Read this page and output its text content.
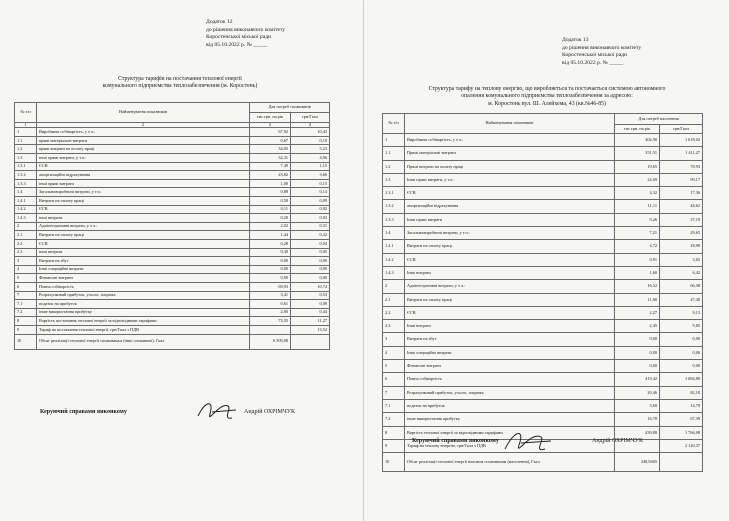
Додаток 12
до рішення виконавчого комітету
Коростенської міської ради
від 05.10.2022 р. № _____
Структура тарифів на постачання теплової енергії
комунального підприємства теплозабезпечення (м. Коростень)
№ з/п	Найменування показників	Для потреб споживачів	
		тис.грн. на рік	грн/Гкал
1	2	3	4
1	Виробнича собівартість, у т.ч.:	67,92	10,43
1.1	прямі матеріальні витрати	0,67	0,10
1.2	прямі витрати на оплату праці	34,05	5,23
1.3	інші прямі витрати, у т.ч.:	32,31	4,96
1.3.1	ЄСВ	7,49	1,15
1.3.2	амортизаційні відрахування	23,82	3,66
1.3.3	інші прямі витрати	1,00	0,15
1.4	Загальновиробничі витрати, у т.ч.:	0,88	0,14
1.4.1	Витрати на оплату праці	0,58	0,09
1.4.2	ЄСВ	0,11	0,02
1.4.3	інші витрати	0,20	0,03
2	Адміністративні витрати, у т.ч.:	2,02	0,31
2.1	Витрати на оплату праці	1,44	0,22
2.2	ЄСВ	0,28	0,04
2.3	інші витрати	0,30	0,05
3	Витрати на збут	0,00	0,00
4	Інші операційні витрати	0,00	0,00
5	Фінансові витрати	0,00	0,00
6	Повна собівартість	69,93	10,74
7	Розрахунковий прибуток, усього, зокрема:	3,41	0,53
7.1	податок на прибуток	0,61	0,09
7.2	інше використання прибутку	2,80	0,44
8	Вартість постачання теплової енергії за відповідними тарифами	73,35	11,27
9	Тариф на постачання теплової енергії, грн/Гкал з ПДВ		13,52
10	Обсяг реалізації теплової енергії споживачам (інші споживачі), Гкал	6 509,08	
Керуючий справами виконкому	Андрій ОХРІМЧУК
Додаток 13
до рішення виконавчого комітету
Коростенської міської ради
від 05.10.2022 р. № _____
Структура тарифу на теплову енергію, що виробляється та постачається системою автономного
опалення комунального підприємства теплозабезпечення за адресою:
м. Коростень вул. Ш. Алейхема, 43 (кв.№46-85)
№ з/п	Найменування показників	Для потреб населення	
		тис.грн. на рік	грн/Гкал
1	Виробнича собівартість, у т.ч.:	402,90	1 618,02
1.1	Прямі матеріальні витрати	351,31	1 411,27
1.2	Прямі витрати на оплату праці	19,65	78,93
1.3	Інші прямі витрати, у т.ч.:	24,69	99,17
1.3.1	ЄСВ	4,32	17,36
1.3.2	амортизаційні відрахування	11,11	44,62
1.3.3	Інші прямі витрати	9,26	37,19
1.4	Загальновиробничі витрати, у т.ч.:	7,21	29,65
1.4.1	Витрати на оплату праці	4,72	18,98
1.4.2	ЄСВ	0,91	3,65
1.4.3	Інші витрати	1,60	6,42
2	Адміністративні витрати, у т.ч.:	16,52	66,38
2.1	Витрати на оплату праці	11,80	47,40
2.2	ЄСВ	2,27	9,13
2.3	Інші витрати	2,45	9,85
3	Витрати на збут	0,00	0,00
4	Інші операційні витрати	0,00	0,00
5	Фінансові витрати	0,00	0,00
6	Повна собівартість	419,42	1 684,80
7	Розрахунковий прибуток, усього, зокрема:	20,46	82,18
7.1	податок на прибуток	3,68	14,79
7.2	інше використання прибутку	16,78	67,39
8	Вартість теплової енергії за відповідними тарифами	439,88	1 766,98
9	Тариф на теплову енергію, грн/Гкал з ПДВ		2 120,37
10	Обсяг реалізації теплової енергії власним споживачам (населення), Гкал	248,9465	
Керуючий справами виконкому	Андрій ОХРІМЧУК
